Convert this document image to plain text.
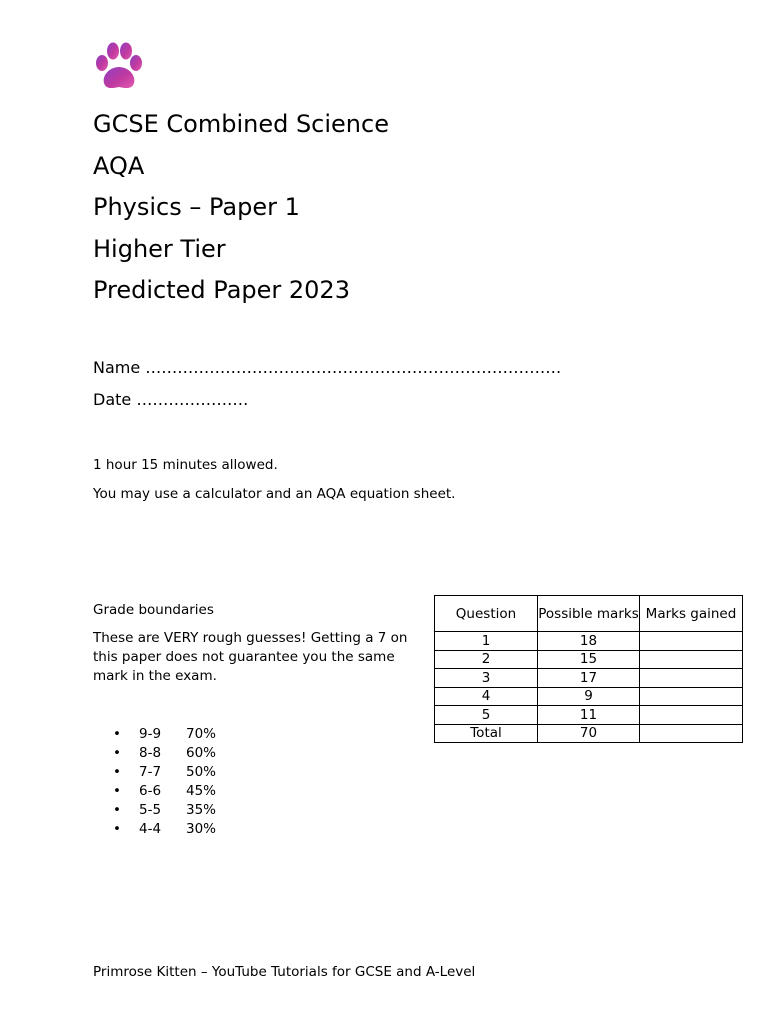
GCSE Combined Science
AQA
Physics – Paper 1
Higher Tier
Predicted Paper 2023
Name ……………………………………………………………………
Date …………………
1 hour 15 minutes allowed.
You may use a calculator and an AQA equation sheet.
Grade boundaries
These are VERY rough guesses! Getting a 7 on this paper does not guarantee you the same mark in the exam.
• 9-9 70%
• 8-8 60%
• 7-7 50%
• 6-6 45%
• 5-5 35%
• 4-4 30%
Question	Possible marks	Marks gained
1	18	
2	15	
3	17	
4	9	
5	11	
Total	70	
Primrose Kitten – YouTube Tutorials for GCSE and A-Level
